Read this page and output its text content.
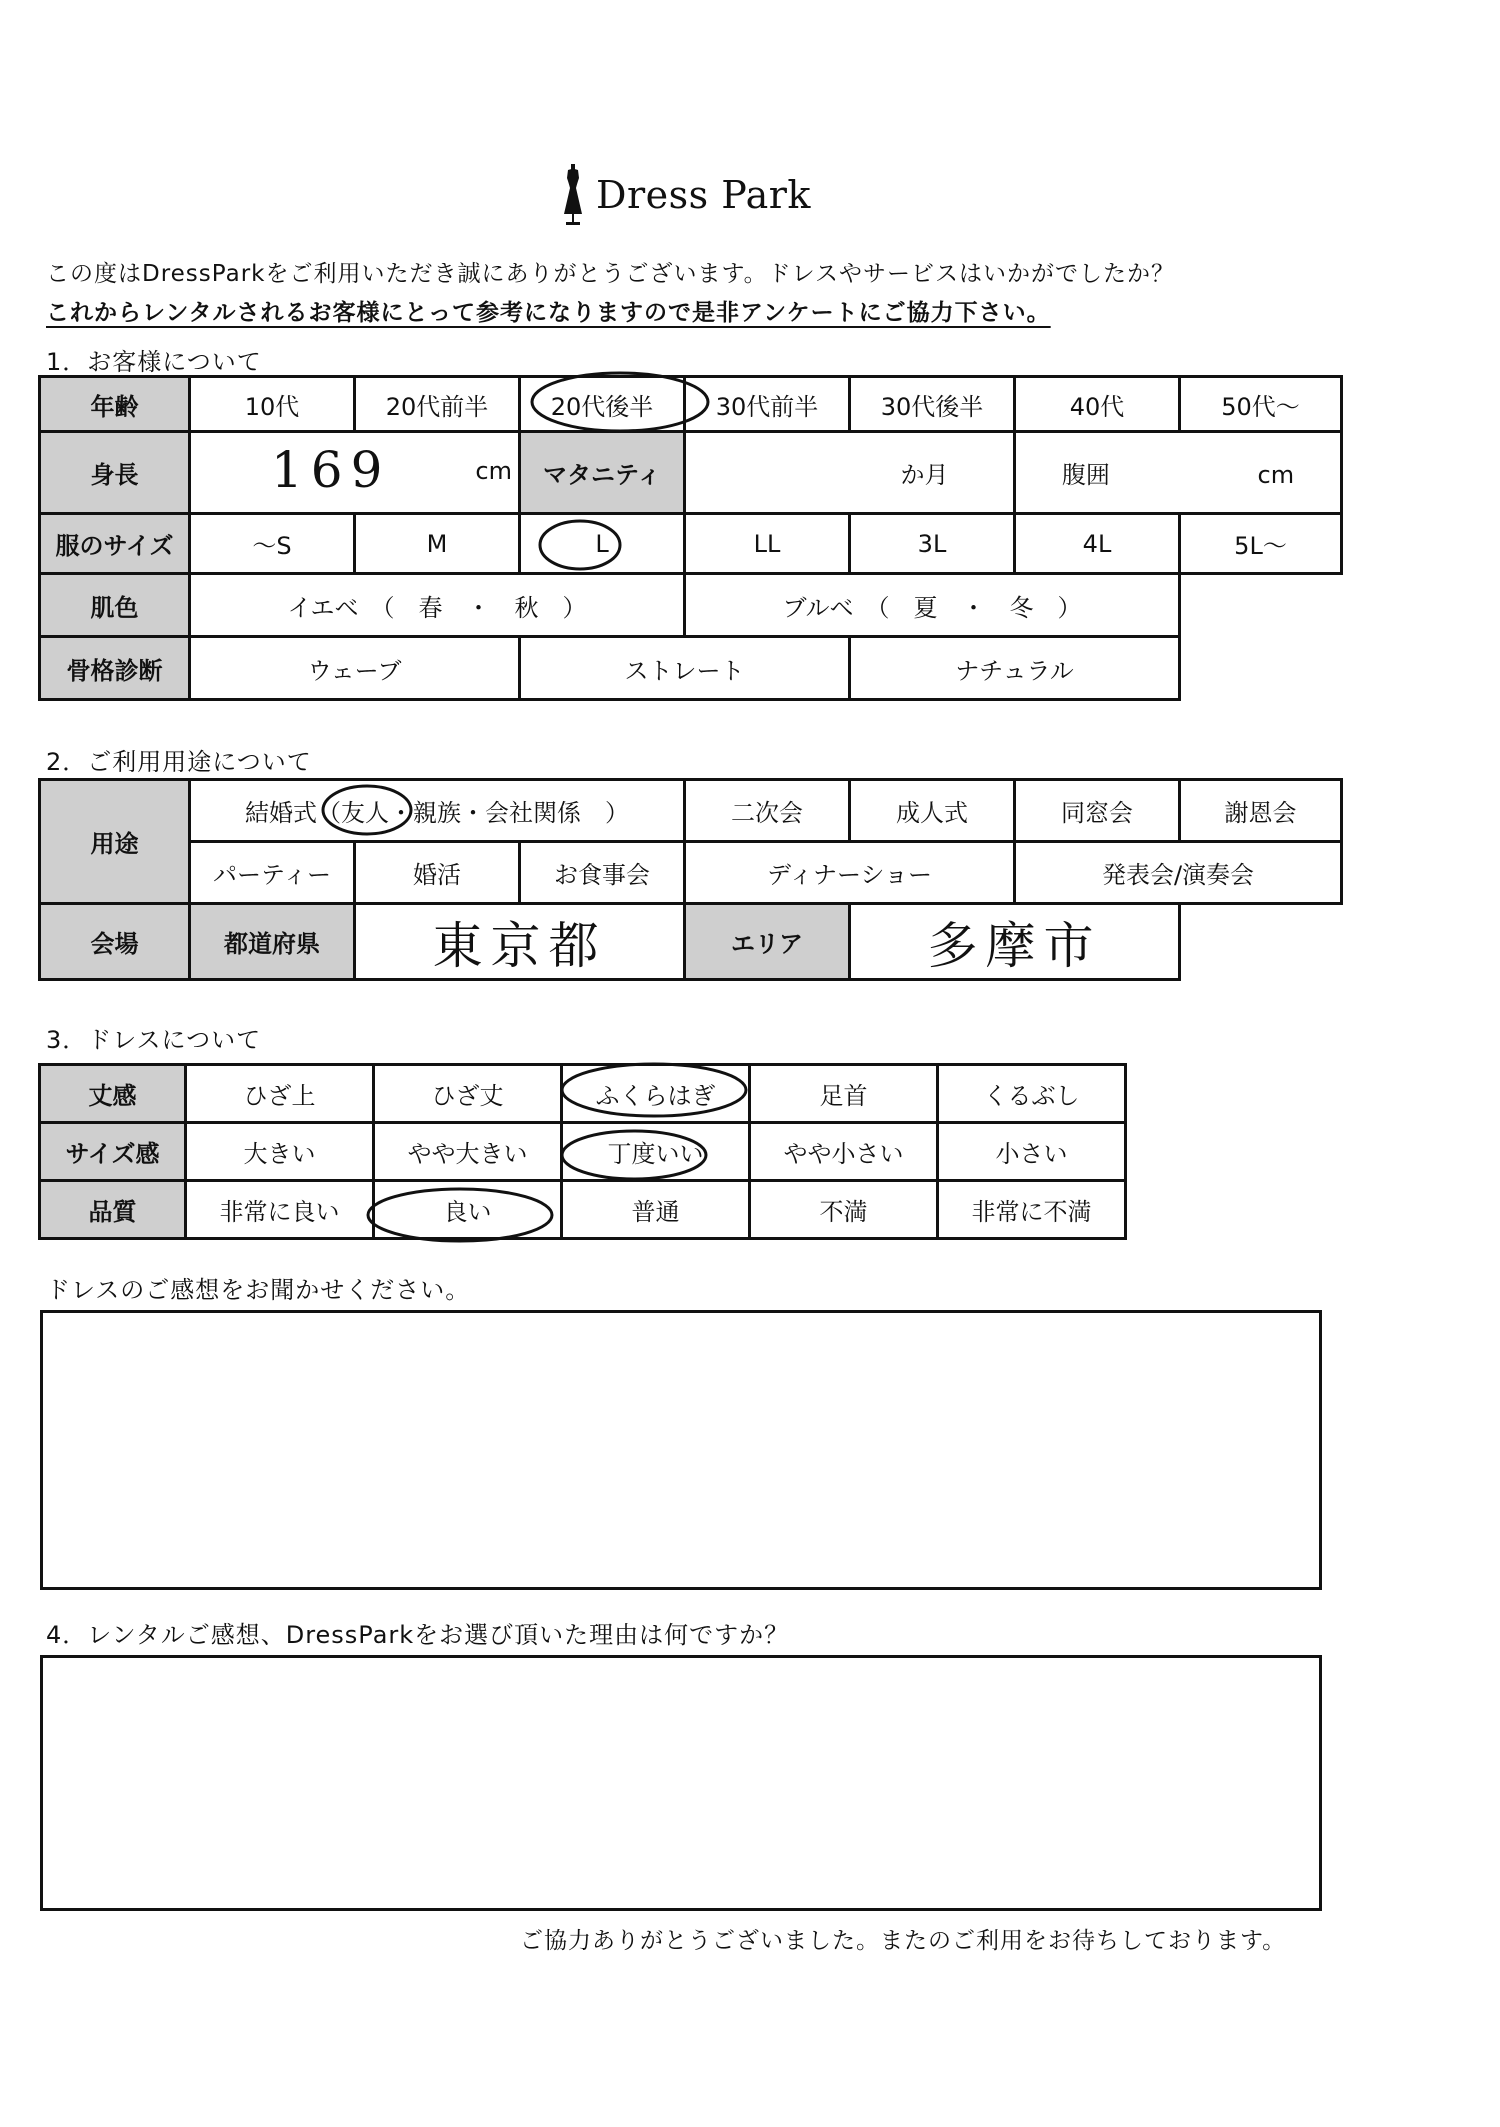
Dress Park
この度はDressParkをご利用いただき誠にありがとうございます。ドレスやサービスはいかがでしたか？
これからレンタルされるお客様にとって参考になりますので是非アンケートにご協力下さい。
1．お客様について
年齢	10代	20代前半	20代後半	30代前半	30代後半	40代	50代～
身長	169 cm		マタニティ	か月		腹囲 cm	
服のサイズ	～S	M	L	LL	3L	4L	5L～
肌色	イエベ　（　春　・　秋　）			ブルベ　（　夏　・　冬　）			
骨格診断	ウェーブ		ストレート		ナチュラル		
2．ご利用用途について
用途	結婚式（友人・親族・会社関係　）			二次会	成人式	同窓会	謝恩会
	パーティー	婚活	お食事会	ディナーショー		発表会/演奏会	
会場	都道府県	東京都		エリア	多摩市		
3．ドレスについて
丈感	ひざ上	ひざ丈	ふくらはぎ	足首	くるぶし
サイズ感	大きい	やや大きい	丁度いい	やや小さい	小さい
品質	非常に良い	良い	普通	不満	非常に不満
ドレスのご感想をお聞かせください。
4．レンタルご感想、DressParkをお選び頂いた理由は何ですか？
ご協力ありがとうございました。またのご利用をお待ちしております。
